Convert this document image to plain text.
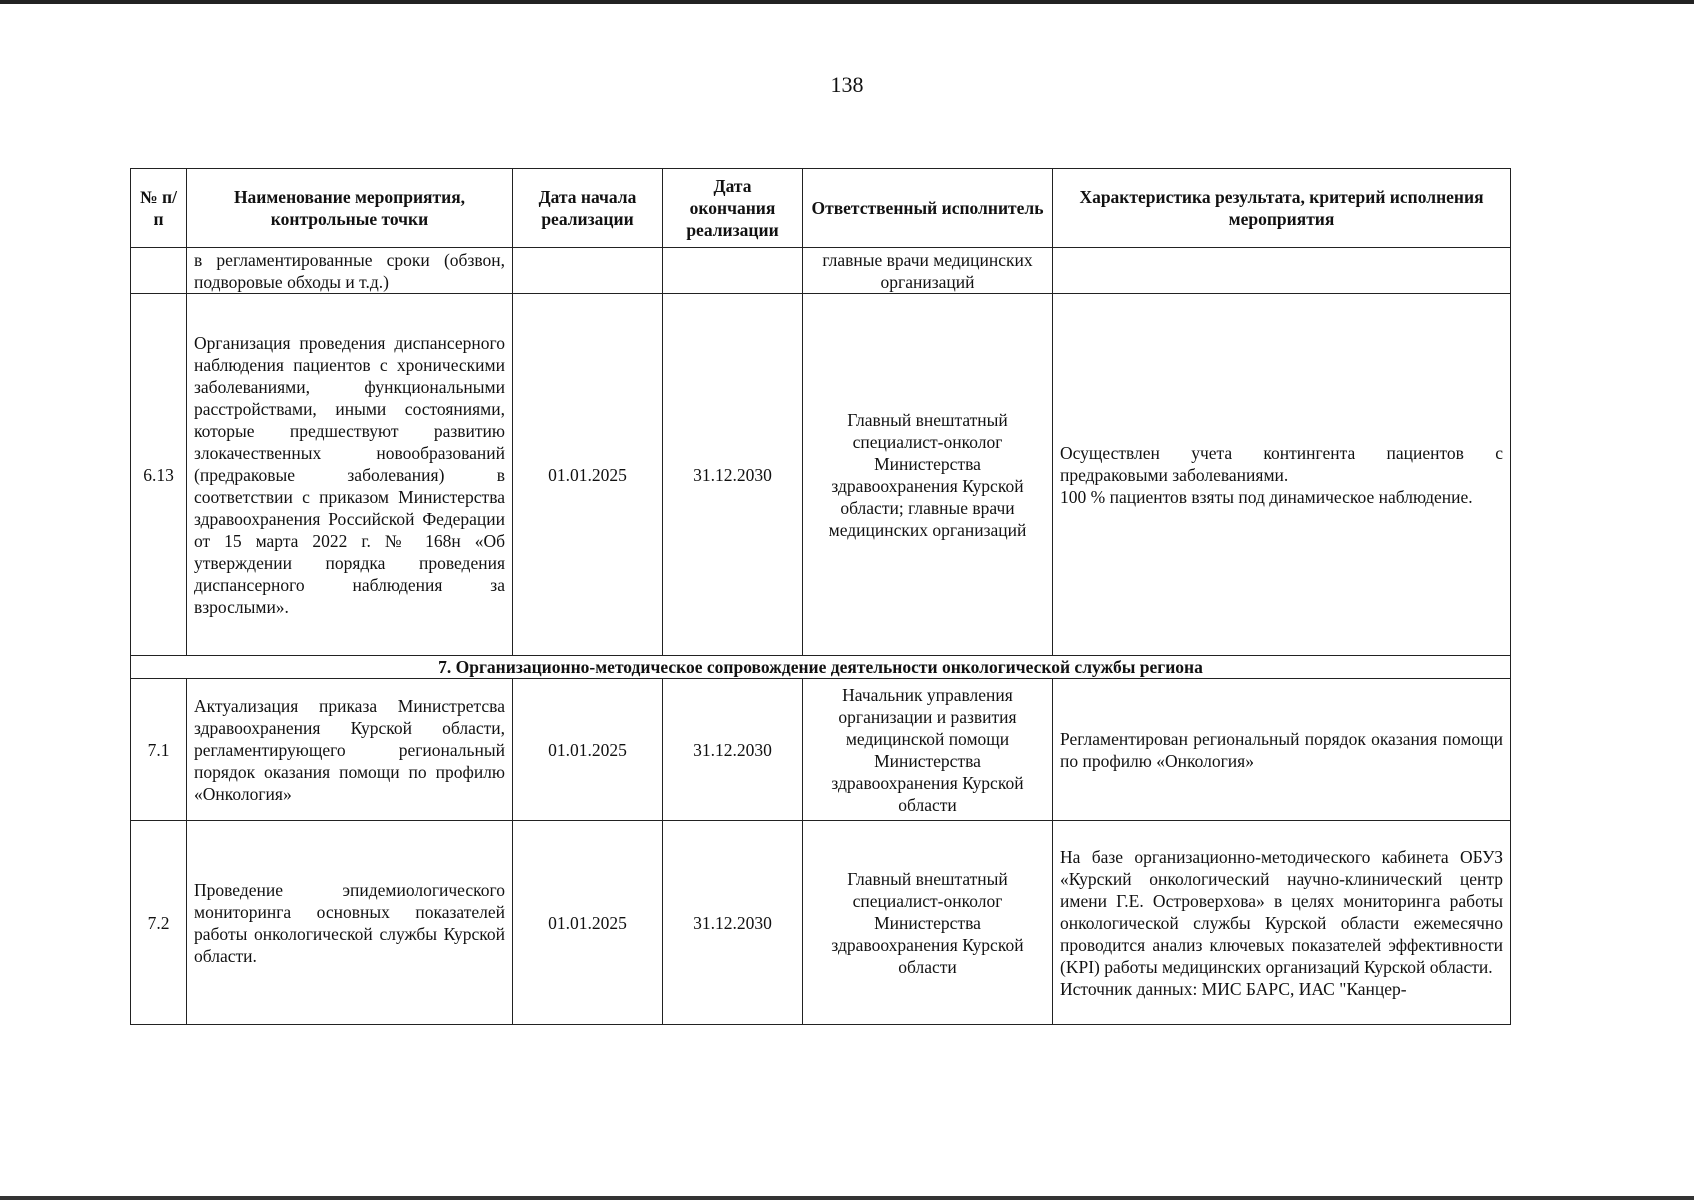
138
№ п/п	Наименование мероприятия, контрольные точки	Дата начала реализации	Дата окончания реализации	Ответственный исполнитель	Характеристика результата, критерий исполнения мероприятия
	в регламентированные сроки (обзвон, подворовые обходы и т.д.)			главные врачи медицинских организаций	
6.13	Организация проведения диспансерного наблюдения пациентов с хроническими заболеваниями, функциональными расстройствами, иными состояниями, которые предшествуют развитию злокачественных новообразований (предраковые заболевания) в соответствии с приказом Министерства здравоохранения Российской Федерации от 15 марта 2022 г. № 168н «Об утверждении порядка проведения диспансерного наблюдения за взрослыми».	01.01.2025	31.12.2030	Главный внештатный специалист-онколог Министерства здравоохранения Курской области; главные врачи медицинских организаций	Осуществлен учета контингента пациентов с предраковыми заболеваниями.
100 % пациентов взяты под динамическое наблюдение.

7. Организационно-методическое сопровождение деятельности онкологической службы региона					
7.1	Актуализация приказа Министретсва здравоохранения Курской области, регламентирующего региональный порядок оказания помощи по профилю «Онкология»	01.01.2025	31.12.2030	Начальник управления организации и развития медицинской помощи Министерства здравоохранения Курской области	Регламентирован региональный порядок оказания помощи по профилю «Онкология»
7.2	Проведение эпидемиологического мониторинга основных показателей работы онкологической службы Курской области.	01.01.2025	31.12.2030	Главный внештатный специалист-онколог Министерства здравоохранения Курской области	На базе организационно-методического кабинета ОБУЗ «Курский онкологический научно-клинический центр имени Г.Е. Островерхова» в целях мониторинга работы онкологической службы Курской области ежемесячно проводится анализ ключевых показателей эффективности (KPI) работы медицинских организаций Курской области.
Источник данных: МИС БАРС, ИАС "Канцер-
